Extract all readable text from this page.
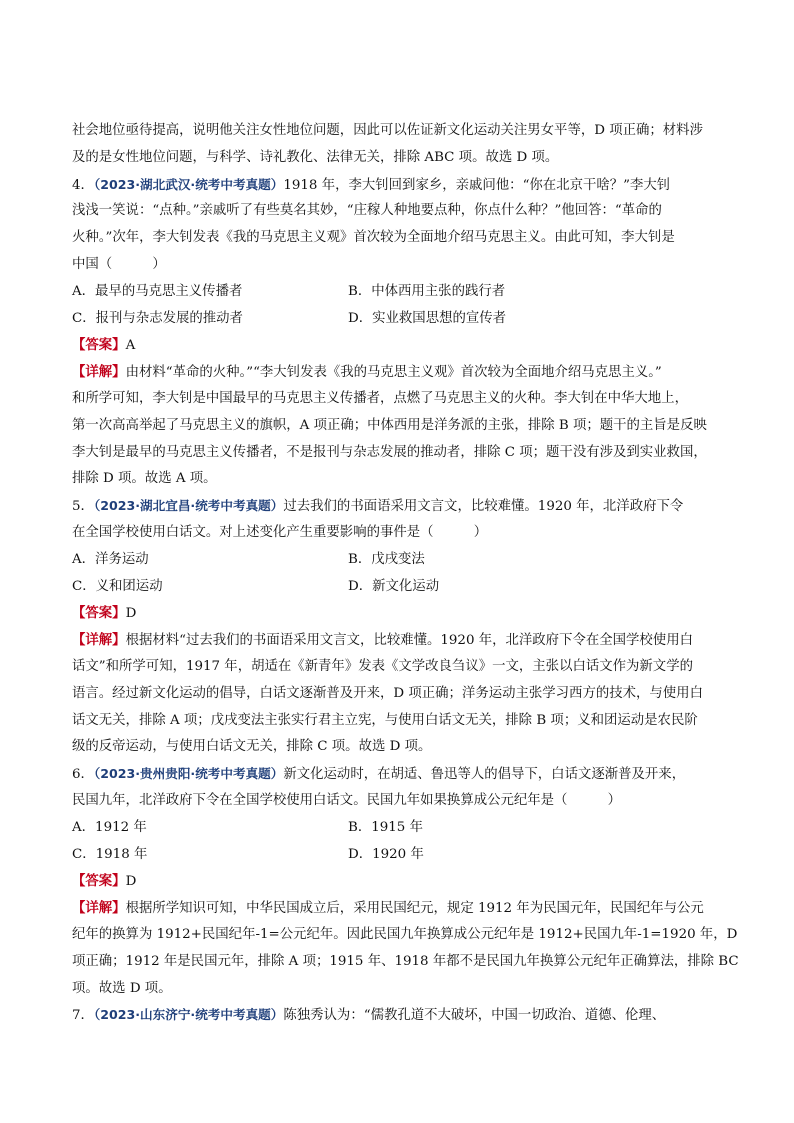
社会地位亟待提高，说明他关注女性地位问题，因此可以佐证新文化运动关注男女平等，D 项正确；材料涉
及的是女性地位问题，与科学、诗礼教化、法律无关，排除 ABC 项。故选 D 项。
4．（2023·湖北武汉·统考中考真题）1918 年，李大钊回到家乡，亲戚问他：“你在北京干啥？”李大钊
浅浅一笑说：“点种。”亲戚听了有些莫名其妙，“庄稼人种地要点种，你点什么种？”他回答：“革命的
火种。”次年，李大钊发表《我的马克思主义观》首次较为全面地介绍马克思主义。由此可知，李大钊是
中国（　　　）
A．最早的马克思主义传播者	B．中体西用主张的践行者
C．报刊与杂志发展的推动者	D．实业救国思想的宣传者
【答案】A
【详解】由材料“革命的火种。”“李大钊发表《我的马克思主义观》首次较为全面地介绍马克思主义。”
和所学可知，李大钊是中国最早的马克思主义传播者，点燃了马克思主义的火种。李大钊在中华大地上，
第一次高高举起了马克思主义的旗帜，A 项正确；中体西用是洋务派的主张，排除 B 项；题干的主旨是反映
李大钊是最早的马克思主义传播者，不是报刊与杂志发展的推动者，排除 C 项；题干没有涉及到实业救国，
排除 D 项。故选 A 项。
5．（2023·湖北宜昌·统考中考真题）过去我们的书面语采用文言文，比较难懂。1920 年，北洋政府下令
在全国学校使用白话文。对上述变化产生重要影响的事件是（　　　）
A．洋务运动	B．戊戌变法
C．义和团运动	D．新文化运动
【答案】D
【详解】根据材料“过去我们的书面语采用文言文，比较难懂。1920 年，北洋政府下令在全国学校使用白
话文”和所学可知，1917 年，胡适在《新青年》发表《文学改良刍议》一文，主张以白话文作为新文学的
语言。经过新文化运动的倡导，白话文逐渐普及开来，D 项正确；洋务运动主张学习西方的技术，与使用白
话文无关，排除 A 项；戊戌变法主张实行君主立宪，与使用白话文无关，排除 B 项；义和团运动是农民阶
级的反帝运动，与使用白话文无关，排除 C 项。故选 D 项。
6．（2023·贵州贵阳·统考中考真题）新文化运动时，在胡适、鲁迅等人的倡导下，白话文逐渐普及开来，
民国九年，北洋政府下令在全国学校使用白话文。民国九年如果换算成公元纪年是（　　　）
A．1912 年	B．1915 年
C．1918 年	D．1920 年
【答案】D
【详解】根据所学知识可知，中华民国成立后，采用民国纪元，规定 1912 年为民国元年，民国纪年与公元
纪年的换算为 1912+民国纪年-1=公元纪年。因此民国九年换算成公元纪年是 1912+民国九年-1=1920 年，D
项正确；1912 年是民国元年，排除 A 项；1915 年、1918 年都不是民国九年换算公元纪年正确算法，排除 BC
项。故选 D 项。
7．（2023·山东济宁·统考中考真题）陈独秀认为：“儒教孔道不大破坏，中国一切政治、道德、伦理、
